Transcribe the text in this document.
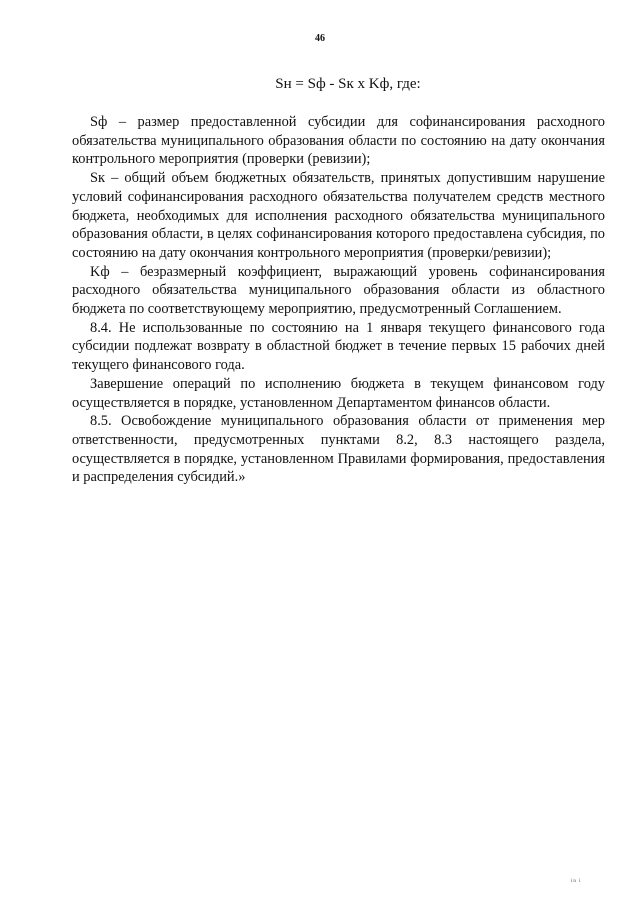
46
Sн = Sф - Sк х Kф, где:

Sф – размер предоставленной субсидии для софинансирования расходного обязательства муниципального образования области по состоянию на дату окончания контрольного мероприятия (проверки (ревизии);

Sк – общий объем бюджетных обязательств, принятых допустившим нарушение условий софинансирования расходного обязательства получателем средств местного бюджета, необходимых для исполнения расходного обязательства муниципального образования области, в целях софинансирования которого предоставлена субсидия, по состоянию на дату окончания контрольного мероприятия (проверки/ревизии);

Kф – безразмерный коэффициент, выражающий уровень софинансирования расходного обязательства муниципального образования области из областного бюджета по соответствующему мероприятию, предусмотренный Соглашением.

8.4. Не использованные по состоянию на 1 января текущего финансового года субсидии подлежат возврату в областной бюджет в течение первых 15 рабочих дней текущего финансового года.

Завершение операций по исполнению бюджета в текущем финансовом году осуществляется в порядке, установленном Департаментом финансов области.

8.5. Освобождение муниципального образования области от применения мер ответственности, предусмотренных пунктами 8.2, 8.3 настоящего раздела, осуществляется в порядке, установленном Правилами формирования, предоставления и распределения субсидий.»

in i
